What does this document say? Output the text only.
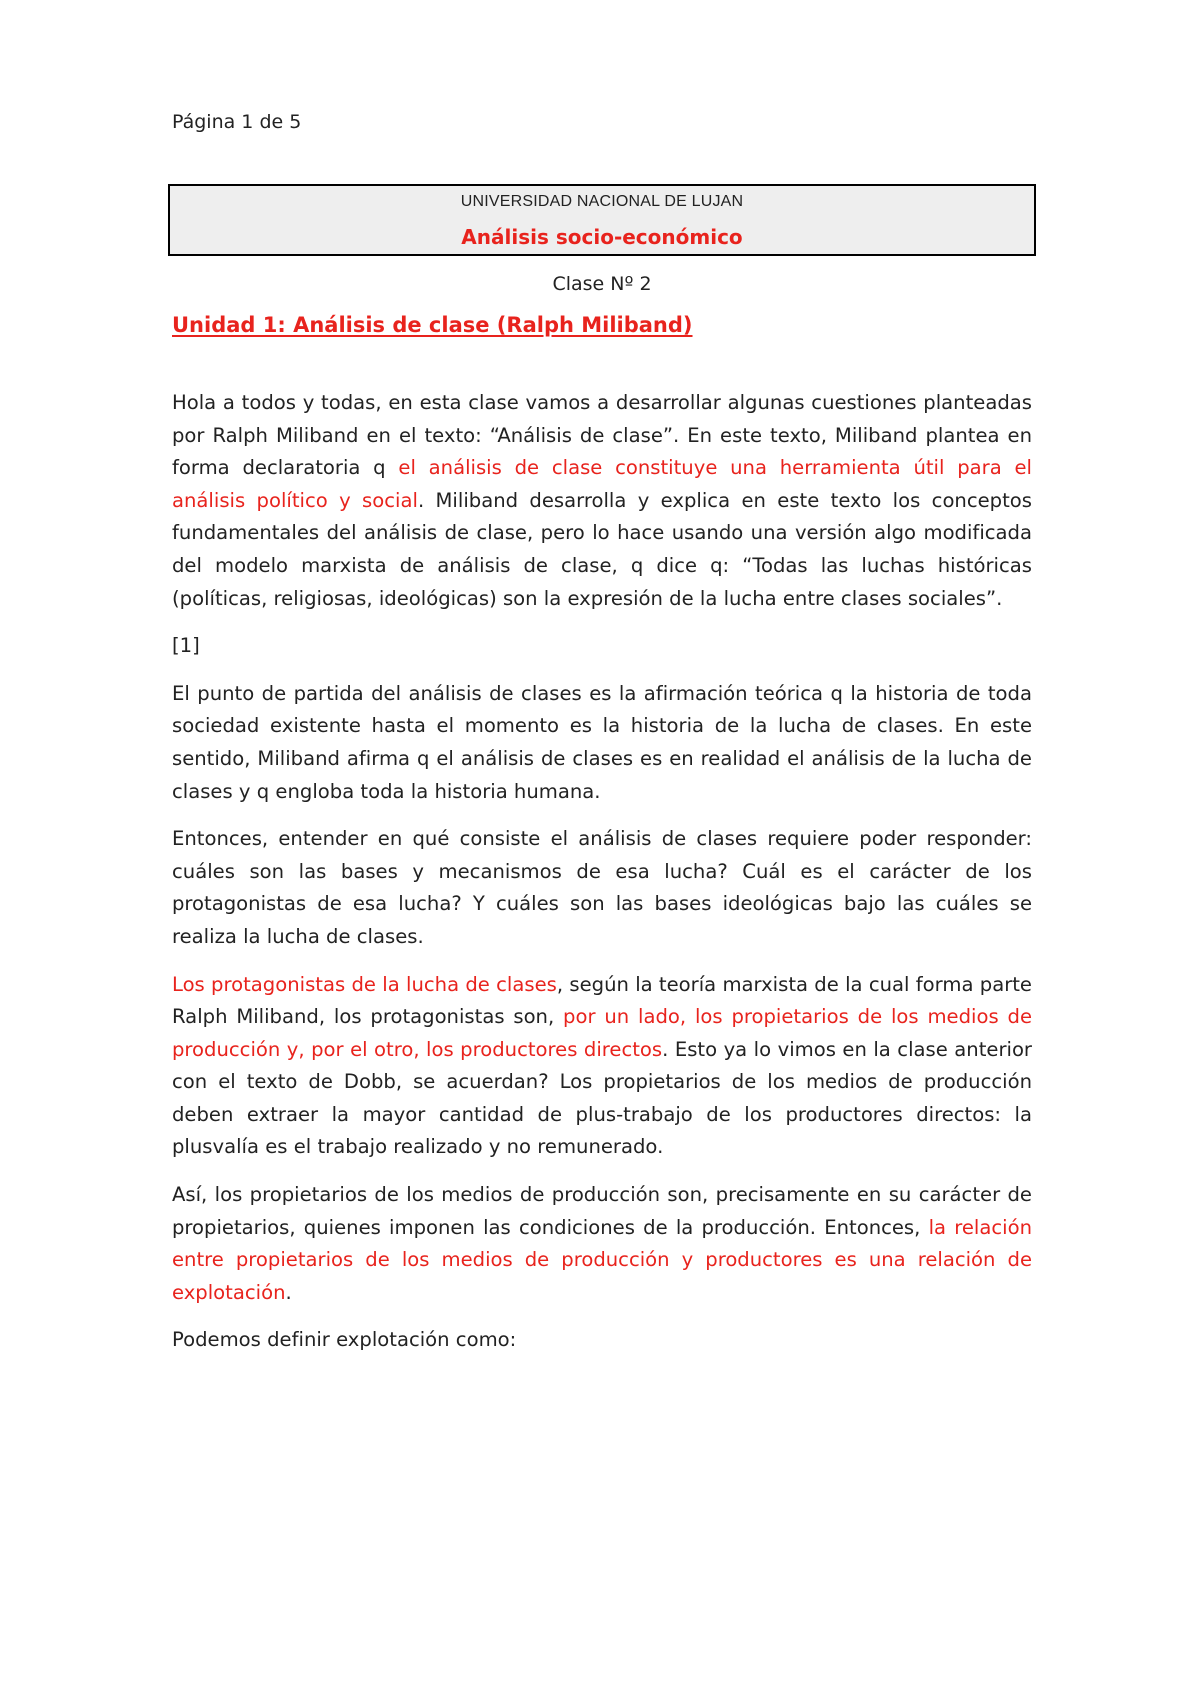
Página 1 de 5
UNIVERSIDAD NACIONAL DE LUJAN
Análisis socio-económico
Clase Nº 2
Unidad 1: Análisis de clase (Ralph Miliband)

Hola a todos y todas, en esta clase vamos a desarrollar algunas cuestiones planteadas por Ralph Miliband en el texto: “Análisis de clase”. En este texto, Miliband plantea en forma declaratoria q el análisis de clase constituye una herramienta útil para el análisis político y social. Miliband desarrolla y explica en este texto los conceptos fundamentales del análisis de clase, pero lo hace usando una versión algo modificada del modelo marxista de análisis de clase, q dice q: “Todas las luchas históricas (políticas, religiosas, ideológicas) son la expresión de la lucha entre clases sociales”.

[1]

El punto de partida del análisis de clases es la afirmación teórica q la historia de toda sociedad existente hasta el momento es la historia de la lucha de clases. En este sentido, Miliband afirma q el análisis de clases es en realidad el análisis de la lucha de clases y q engloba toda la historia humana.

Entonces, entender en qué consiste el análisis de clases requiere poder responder: cuáles son las bases y mecanismos de esa lucha? Cuál es el carácter de los protagonistas de esa lucha? Y cuáles son las bases ideológicas bajo las cuáles se realiza la lucha de clases.

Los protagonistas de la lucha de clases, según la teoría marxista de la cual forma parte Ralph Miliband, los protagonistas son, por un lado, los propietarios de los medios de producción y, por el otro, los productores directos. Esto ya lo vimos en la clase anterior con el texto de Dobb, se acuerdan? Los propietarios de los medios de producción deben extraer la mayor cantidad de plus-trabajo de los productores directos: la plusvalía es el trabajo realizado y no remunerado.

Así, los propietarios de los medios de producción son, precisamente en su carácter de propietarios, quienes imponen las condiciones de la producción. Entonces, la relación entre propietarios de los medios de producción y productores es una relación de explotación.

Podemos definir explotación como:
